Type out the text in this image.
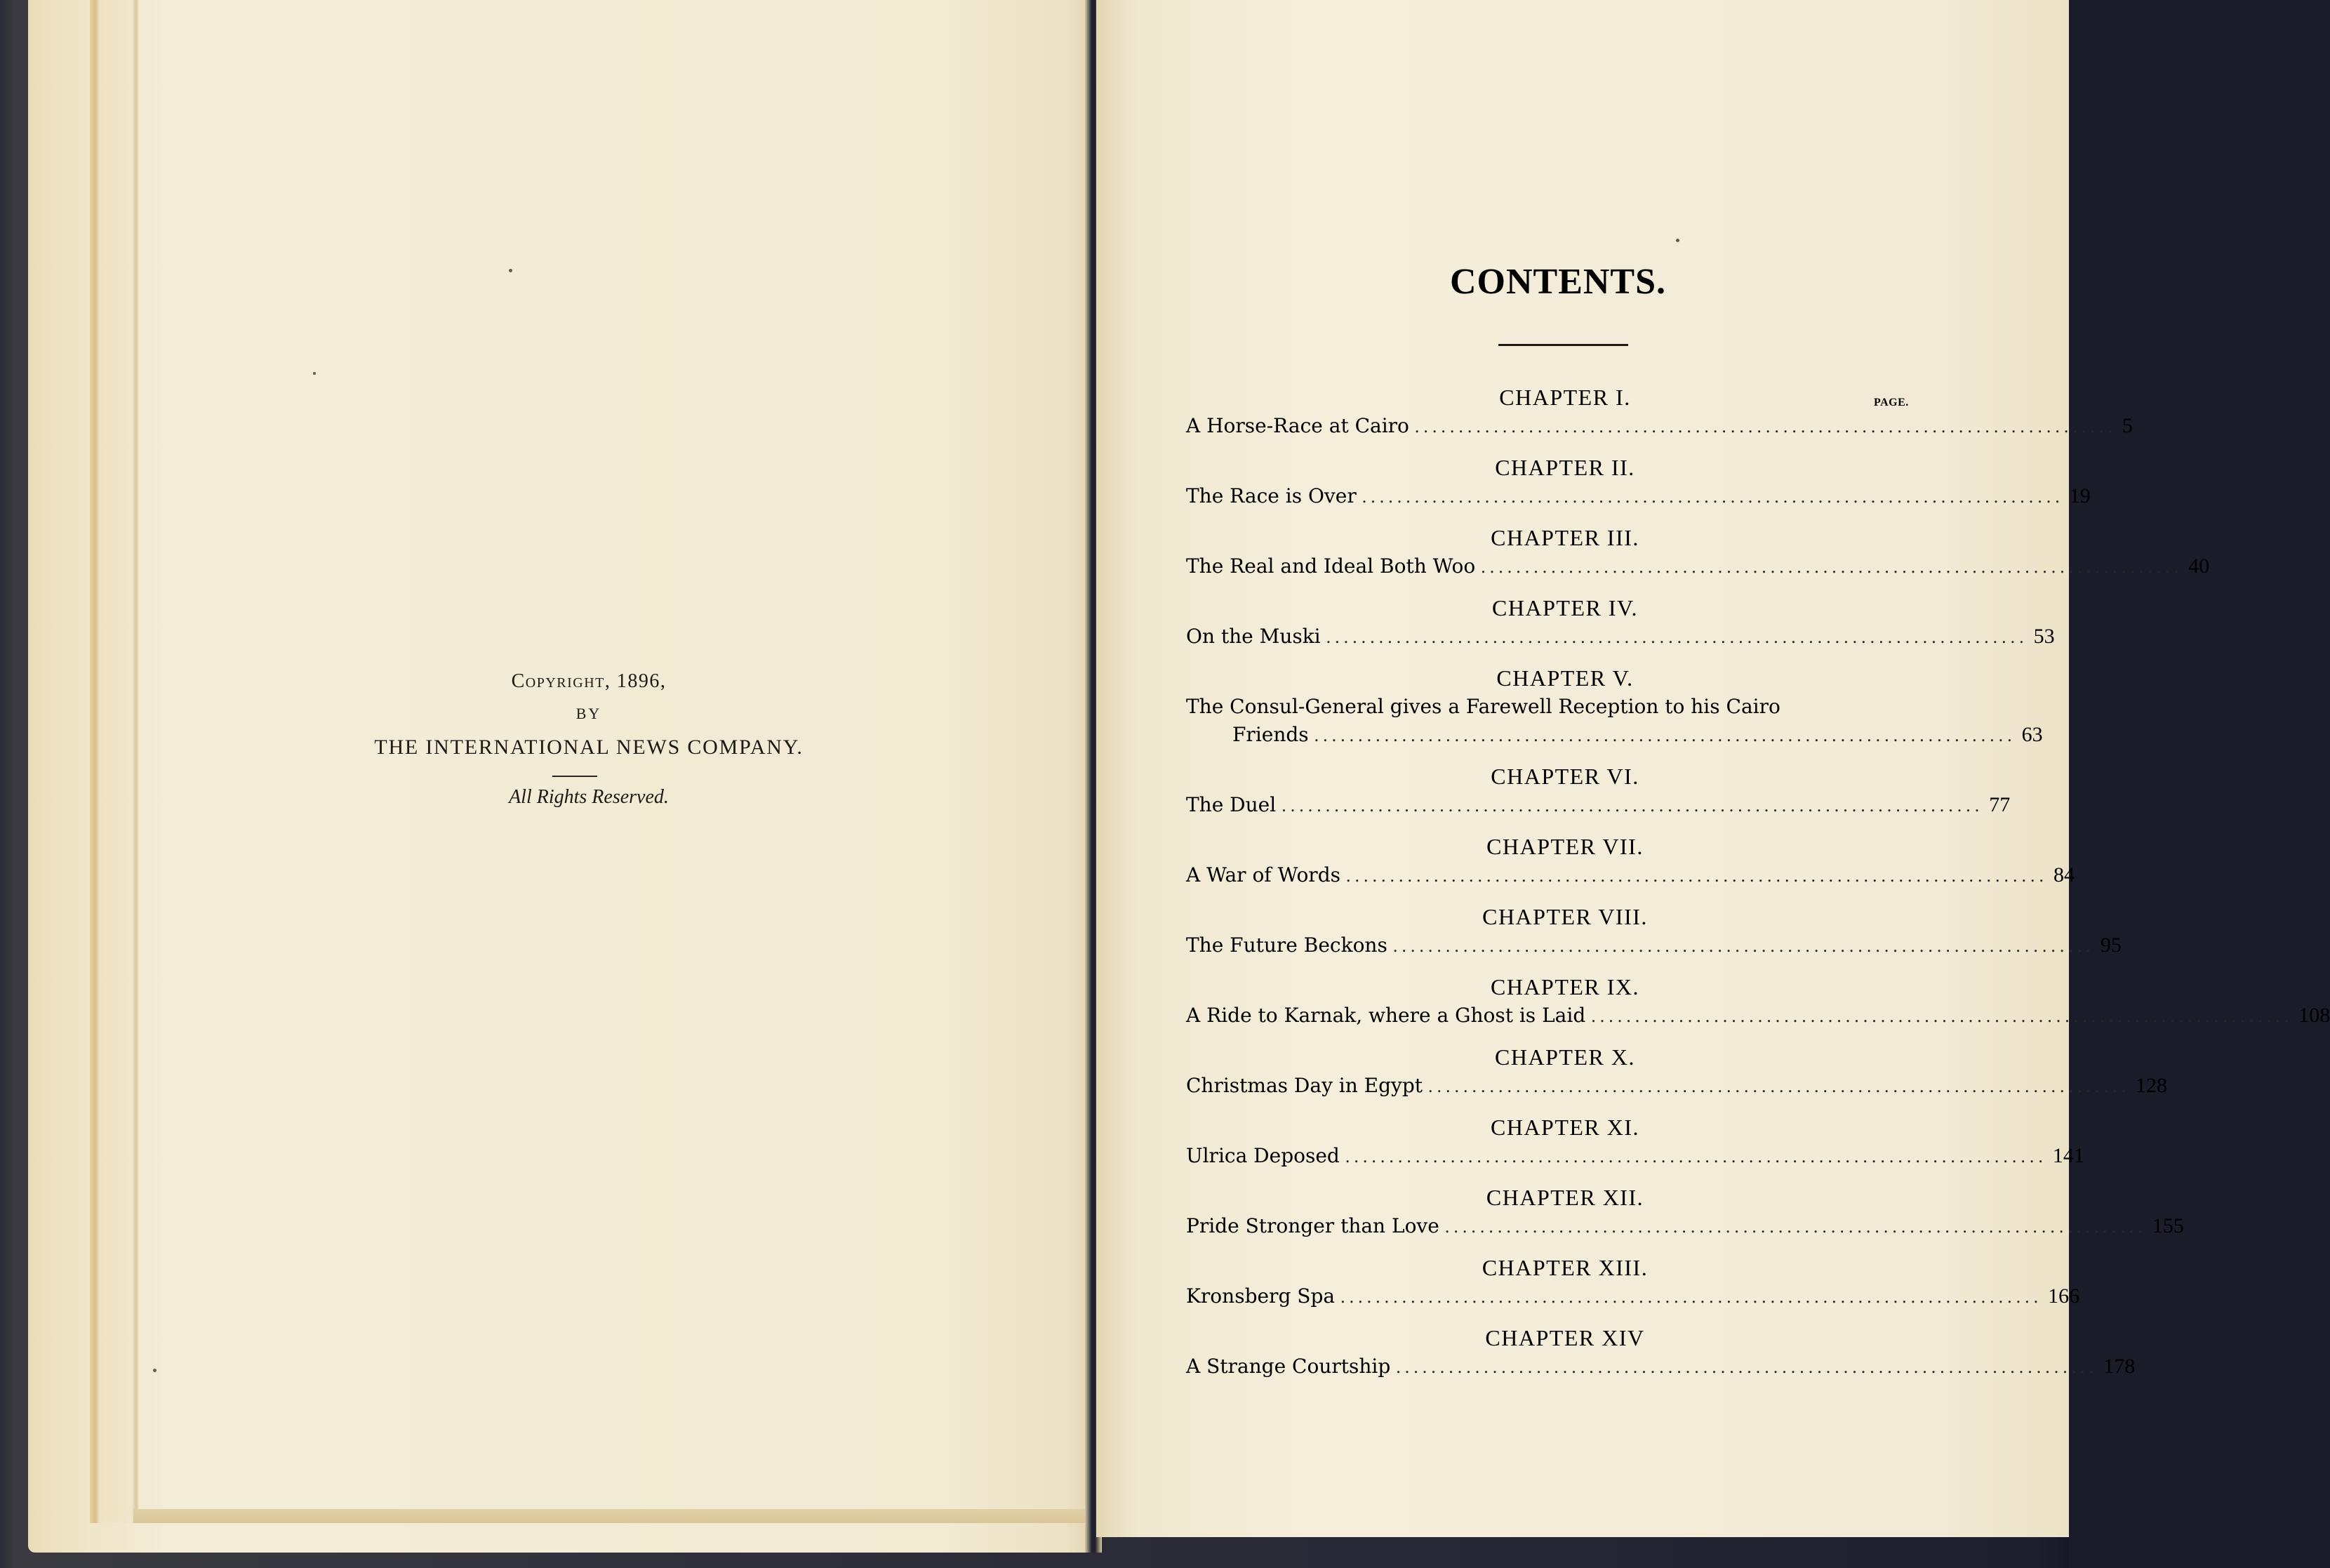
Copyright, 1896,
BY
THE INTERNATIONAL NEWS COMPANY.
All Rights Reserved.
CONTENTS.
PAGE.
CHAPTER I.
A Horse-Race at Cairo ................................................................................ 5
CHAPTER II.
The Race is Over ................................................................................ 19
CHAPTER III.
The Real and Ideal Both Woo ................................................................................ 40
CHAPTER IV.
On the Muski ................................................................................ 53
CHAPTER V.
The Consul-General gives a Farewell Reception to his Cairo
Friends ................................................................................ 63
CHAPTER VI.
The Duel ................................................................................ 77
CHAPTER VII.
A War of Words ................................................................................ 84
CHAPTER VIII.
The Future Beckons ................................................................................ 95
CHAPTER IX.
A Ride to Karnak, where a Ghost is Laid ................................................................................ 108
CHAPTER X.
Christmas Day in Egypt ................................................................................ 128
CHAPTER XI.
Ulrica Deposed ................................................................................ 141
CHAPTER XII.
Pride Stronger than Love ................................................................................ 155
CHAPTER XIII.
Kronsberg Spa ................................................................................ 166
CHAPTER XIV
A Strange Courtship ................................................................................ 178
